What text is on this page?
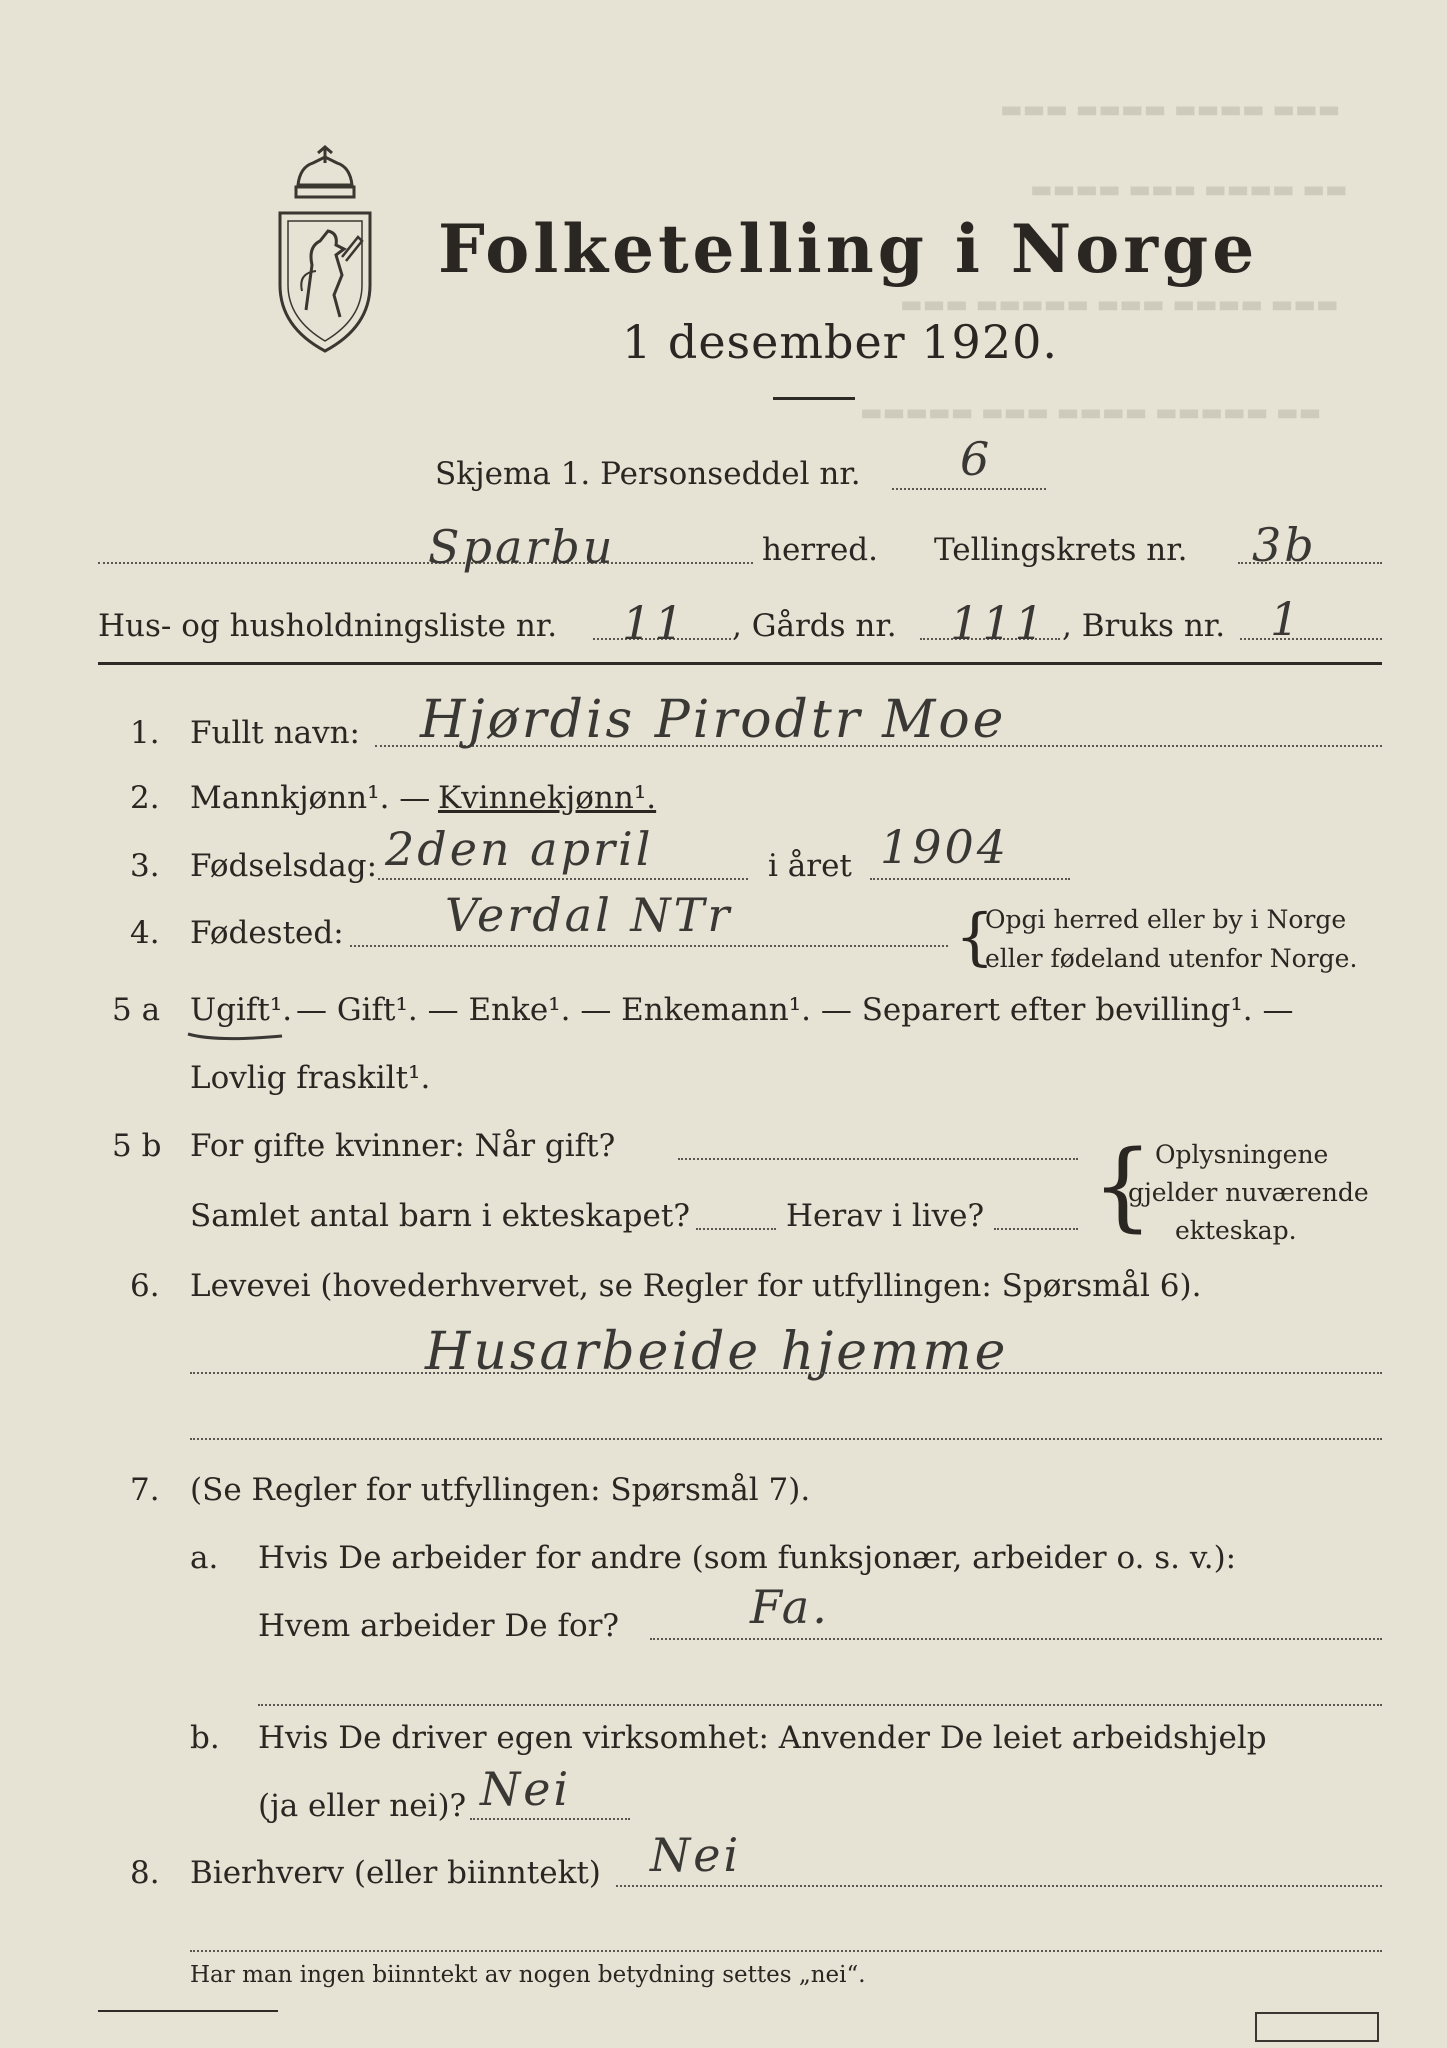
▬▬▬ ▬▬▬▬ ▬▬▬▬ ▬▬▬
▬▬▬▬ ▬▬▬ ▬▬▬▬ ▬▬
▬▬▬ ▬▬▬▬▬ ▬▬▬ ▬▬▬▬ ▬▬▬
▬▬▬▬▬ ▬▬▬ ▬▬▬▬ ▬▬▬▬▬ ▬▬
Folketelling i Norge
1 desember 1920.
Skjema 1. Personseddel nr. 6
Sparbu	herred. Tellingskrets nr. 3b
Hus- og husholdningsliste nr. 11 , Gårds nr. 111 , Bruks nr. 1
1. Fullt navn: Hjørdis Pirodtr Moe
2. Mannkjønn¹. — Kvinnekjønn¹.
3. Fødselsdag: 2den april	i året 1904
4. Fødested: Verdal NTr	{
Opgi herred eller by i Norge
eller fødeland utenfor Norge.
5 a Ugift¹. — Gift¹. — Enke¹. — Enkemann¹. — Separert efter bevilling¹. —
Lovlig fraskilt¹.
5 b For gifte kvinner: Når gift?
Samlet antal barn i ekteskapet?	Herav i live? { Oplysningene
gjelder nuværende
ekteskap.
6. Levevei (hovederhvervet, se Regler for utfyllingen: Spørsmål 6).
Husarbeide hjemme
7. (Se Regler for utfyllingen: Spørsmål 7).
a. Hvis De arbeider for andre (som funksjonær, arbeider o. s. v.):
Hvem arbeider De for?	Fa.
b. Hvis De driver egen virksomhet: Anvender De leiet arbeidshjelp
(ja eller nei)? Nei
8. Bierhverv (eller biinntekt) Nei
Har man ingen biinntekt av nogen betydning settes „nei“.
